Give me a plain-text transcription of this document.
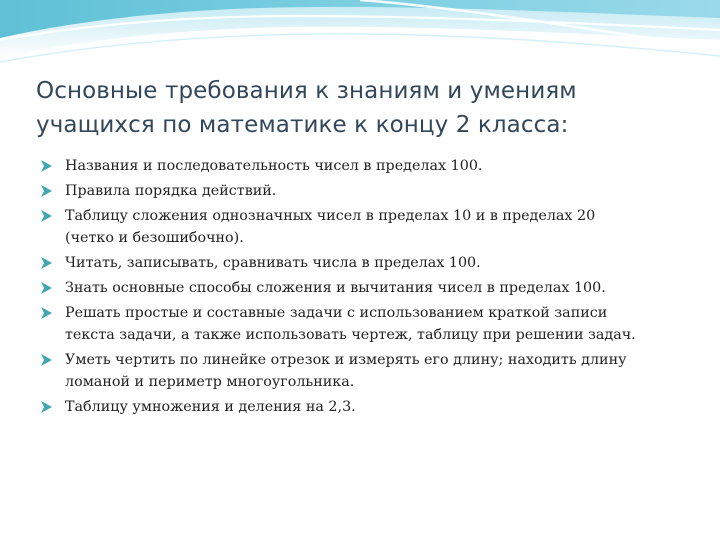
Основные требования к знаниям и умениям
учащихся по математике к концу 2 класса:
Названия и последовательность чисел в пределах 100.
Правила порядка действий.
Таблицу сложения однозначных чисел в пределах 10 и в пределах 20
(четко и безошибочно).
Читать, записывать, сравнивать числа в пределах 100.
Знать основные способы сложения и вычитания чисел в пределах 100.
Решать простые и составные задачи с использованием краткой записи
текста задачи, а также использовать чертеж, таблицу при решении задач.
Уметь чертить по линейке отрезок и измерять его длину; находить длину
ломаной и периметр многоугольника.
Таблицу умножения и деления на 2,3.
